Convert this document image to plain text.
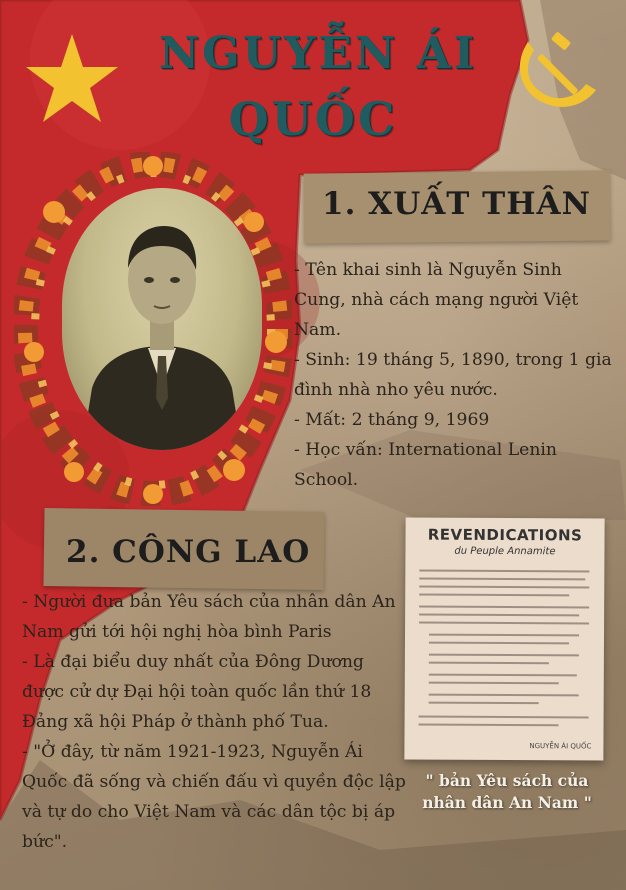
NGUYỄN ÁI
QUỐC
1. XUẤT THÂN

- Tên khai sinh là Nguyễn Sinh Cung, nhà cách mạng người Việt Nam.

- Sinh: 19 tháng 5, 1890, trong 1 gia đình nhà nho yêu nước.

- Mất: 2 tháng 9, 1969

- Học vấn: International Lenin School.

2. CÔNG LAO

- Người đưa bản Yêu sách của nhân dân An Nam gửi tới hội nghị hòa bình Paris

- Là đại biểu duy nhất của Đông Dương được cử dự Đại hội toàn quốc lần thứ 18 Đảng xã hội Pháp ở thành phố Tua.

- "Ở đây, từ năm 1921-1923, Nguyễn Ái Quốc đã sống và chiến đấu vì quyền độc lập và tự do cho Việt Nam và các dân tộc bị áp bức".

REVENDICATIONS
du Peuple Annamite
NGUYỄN ÁI QUỐC
" bản Yêu sách của nhân dân An Nam "
